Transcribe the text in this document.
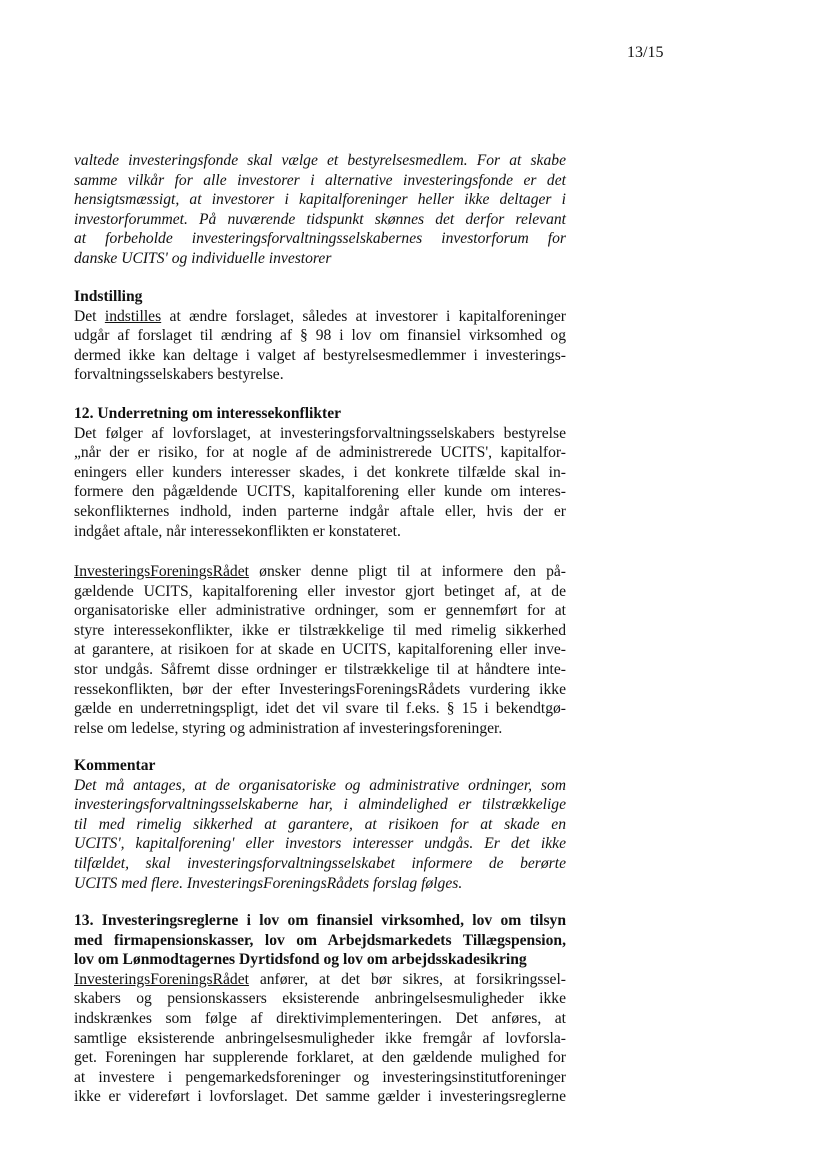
13/15
valtede investeringsfonde skal vælge et bestyrelsesmedlem. For at skabe
samme vilkår for alle investorer i alternative investeringsfonde er det
hensigtsmæssigt, at investorer i kapitalforeninger heller ikke deltager i
investorforummet. På nuværende tidspunkt skønnes det derfor relevant
at forbeholde investeringsforvaltningsselskabernes investorforum for
danske UCITS' og individuelle investorer
Indstilling
Det indstilles at ændre forslaget, således at investorer i kapitalforeninger
udgår af forslaget til ændring af § 98 i lov om finansiel virksomhed og
dermed ikke kan deltage i valget af bestyrelsesmedlemmer i investerings-
forvaltningsselskabers bestyrelse.
12. Underretning om interessekonflikter
Det følger af lovforslaget, at investeringsforvaltningsselskabers bestyrelse
„når der er risiko, for at nogle af de administrerede UCITS', kapitalfor-
eningers eller kunders interesser skades, i det konkrete tilfælde skal in-
formere den pågældende UCITS, kapitalforening eller kunde om interes-
sekonflikternes indhold, inden parterne indgår aftale eller, hvis der er
indgået aftale, når interessekonflikten er konstateret.
InvesteringsForeningsRådet ønsker denne pligt til at informere den på-
gældende UCITS, kapitalforening eller investor gjort betinget af, at de
organisatoriske eller administrative ordninger, som er gennemført for at
styre interessekonflikter, ikke er tilstrækkelige til med rimelig sikkerhed
at garantere, at risikoen for at skade en UCITS, kapitalforening eller inve-
stor undgås. Såfremt disse ordninger er tilstrækkelige til at håndtere inte-
ressekonflikten, bør der efter InvesteringsForeningsRådets vurdering ikke
gælde en underretningspligt, idet det vil svare til f.eks. § 15 i bekendtgø-
relse om ledelse, styring og administration af investeringsforeninger.
Kommentar
Det må antages, at de organisatoriske og administrative ordninger, som
investeringsforvaltningsselskaberne har, i almindelighed er tilstrækkelige
til med rimelig sikkerhed at garantere, at risikoen for at skade en
UCITS', kapitalforening' eller investors interesser undgås. Er det ikke
tilfældet, skal investeringsforvaltningsselskabet informere de berørte
UCITS med flere. InvesteringsForeningsRådets forslag følges.
13. Investeringsreglerne i lov om finansiel virksomhed, lov om tilsyn
med firmapensionskasser, lov om Arbejdsmarkedets Tillægspension,
lov om Lønmodtagernes Dyrtidsfond og lov om arbejdsskadesikring
InvesteringsForeningsRådet anfører, at det bør sikres, at forsikringssel-
skabers og pensionskassers eksisterende anbringelsesmuligheder ikke
indskrænkes som følge af direktivimplementeringen. Det anføres, at
samtlige eksisterende anbringelsesmuligheder ikke fremgår af lovforsla-
get. Foreningen har supplerende forklaret, at den gældende mulighed for
at investere i pengemarkedsforeninger og investeringsinstitutforeninger
ikke er videreført i lovforslaget. Det samme gælder i investeringsreglerne
